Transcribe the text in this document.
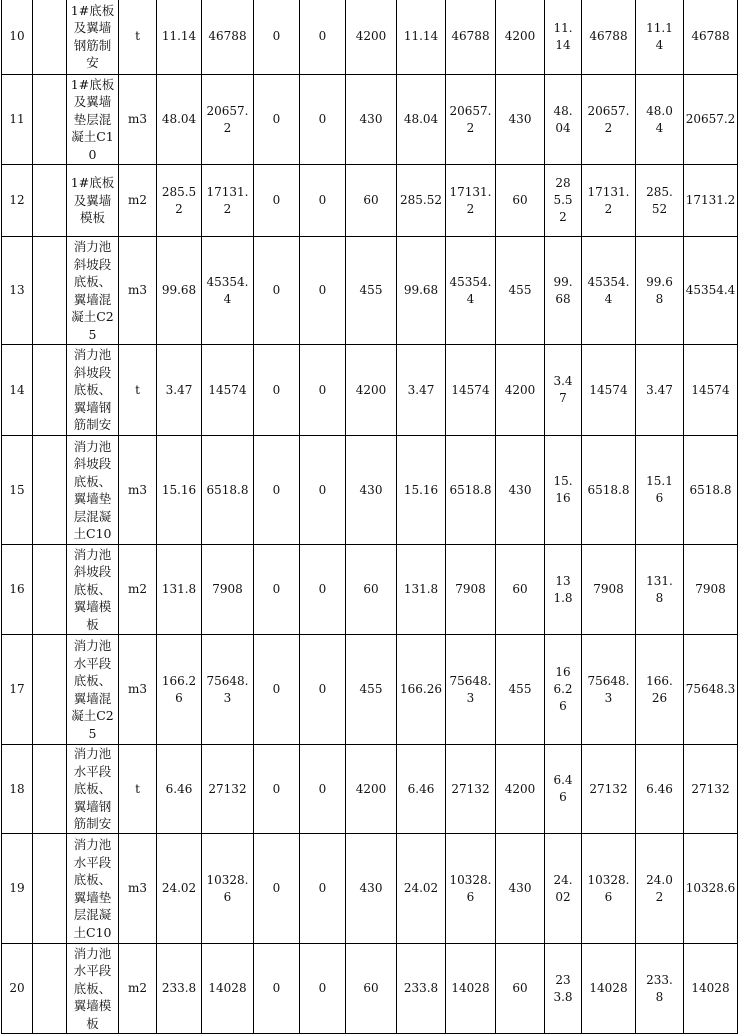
10		1#底板及翼墙钢筋制安	t	11.14	46788	0	0	4200	11.14	46788	4200	11.14	46788	11.14	46788

11		1#底板及翼墙垫层混凝土C10	m3	48.04	20657.2	0	0	430	48.04	20657.2	430	48.04	20657.2	48.04	20657.2

12		1#底板及翼墙模板	m2	285.52	17131.2	0	0	60	285.52	17131.2	60	285.52	17131.2	285.52	17131.2

13		消力池斜坡段底板、翼墙混凝土C25	m3	99.68	45354.4	0	0	455	99.68	45354.4	455	99.68	45354.4	99.68	45354.4

14		消力池斜坡段底板、翼墙钢筋制安	t	3.47	14574	0	0	4200	3.47	14574	4200	3.47	14574	3.47	14574

15		消力池斜坡段底板、翼墙垫层混凝土C10	m3	15.16	6518.8	0	0	430	15.16	6518.8	430	15.16	6518.8	15.16	6518.8

16		消力池斜坡段底板、翼墙模板	m2	131.8	7908	0	0	60	131.8	7908	60	131.8	7908	131.8	7908

17		消力池水平段底板、翼墙混凝土C25	m3	166.26	75648.3	0	0	455	166.26	75648.3	455	166.26	75648.3	166.26	75648.3

18		消力池水平段底板、翼墙钢筋制安	t	6.46	27132	0	0	4200	6.46	27132	4200	6.46	27132	6.46	27132

19		消力池水平段底板、翼墙垫层混凝土C10	m3	24.02	10328.6	0	0	430	24.02	10328.6	430	24.02	10328.6	24.02	10328.6

20		消力池水平段底板、翼墙模板	m2	233.8	14028	0	0	60	233.8	14028	60	233.8	14028	233.8	14028
